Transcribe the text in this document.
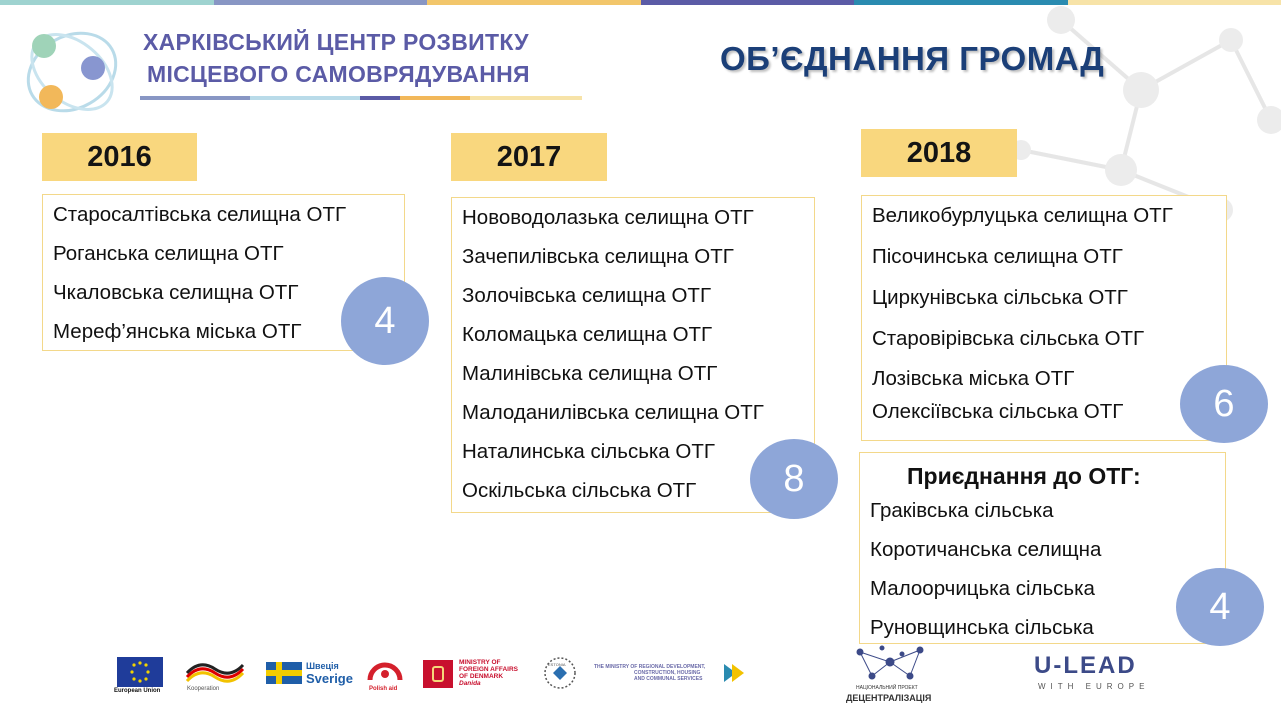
ХАРКІВСЬКИЙ ЦЕНТР РОЗВИТКУ
МІСЦЕВОГО САМОВРЯДУВАННЯ	ОБ’ЄДНАННЯ ГРОМАД
2016
Старосалтівська селищна ОТГ
Роганська селищна ОТГ
Чкаловська селищна ОТГ
Мереф’янська міська ОТГ	4
2017
Нововодолазька селищна ОТГ
Зачепилівська селищна ОТГ
Золочівська селищна ОТГ
Коломацька селищна ОТГ
Малинівська селищна ОТГ
Малоданилівська селищна ОТГ
Наталинська сільська ОТГ
Оскільська сільська ОТГ	8
2018
Великобурлуцька селищна ОТГ
Пісочинська селищна ОТГ
Циркунівська сільська ОТГ
Старовірівська сільська ОТГ
Лозівська міська ОТГ
Олексіївська сільська ОТГ	6
Приєднання до ОТГ:
Гракiвська сільська
Коротичанська селищна
Малоорчицька сільська
Руновщинська сільська	4
European Union	Kooperation
Швеція
Sverige
Polish aid
MINISTRY OF
FOREIGN AFFAIRS
OF DENMARK
Danida
ESTONIA	THE MINISTRY OF REGIONAL DEVELOPMENT,
CONSTRUCTION, HOUSING
AND COMMUNAL SERVICES
НАЦІОНАЛЬНИЙ ПРОЕКТ
ДЕЦЕНТРАЛІЗАЦІЯ
U-LEAD
WITH EUROPE
